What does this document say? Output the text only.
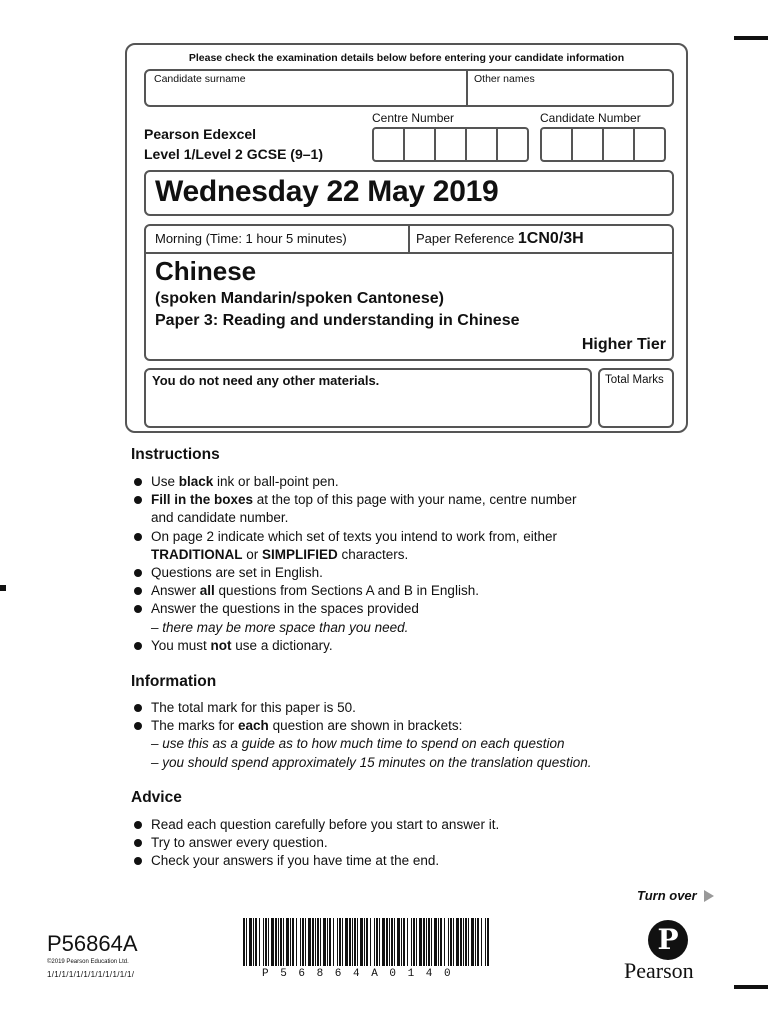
Please check the examination details below before entering your candidate information
Candidate surname	Other names
Pearson Edexcel
Level 1/Level 2 GCSE (9–1)
Centre Number	Candidate Number
Wednesday 22 May 2019
Morning (Time: 1 hour 5 minutes)	Paper Reference 1CN0/3H
Chinese
(spoken Mandarin/spoken Cantonese)
Paper 3: Reading and understanding in Chinese
Higher Tier
You do not need any other materials.	Total Marks
Instructions
Use black ink or ball-point pen.
Fill in the boxes at the top of this page with your name, centre number
and candidate number.
On page 2 indicate which set of texts you intend to work from, either
TRADITIONAL or SIMPLIFIED characters.
Questions are set in English.
Answer all questions from Sections A and B in English.
Answer the questions in the spaces provided
– there may be more space than you need.
You must not use a dictionary.
Information
The total mark for this paper is 50.
The marks for each question are shown in brackets:
– use this as a guide as to how much time to spend on each question
– you should spend approximately 15 minutes on the translation question.
Advice
Read each question carefully before you start to answer it.
Try to answer every question.
Check your answers if you have time at the end.
Turn over
P56864A
©2019 Pearson Education Ltd.
1/1/1/1/1/1/1/1/1/1/1/1/	P56864A0140
P
Pearson
